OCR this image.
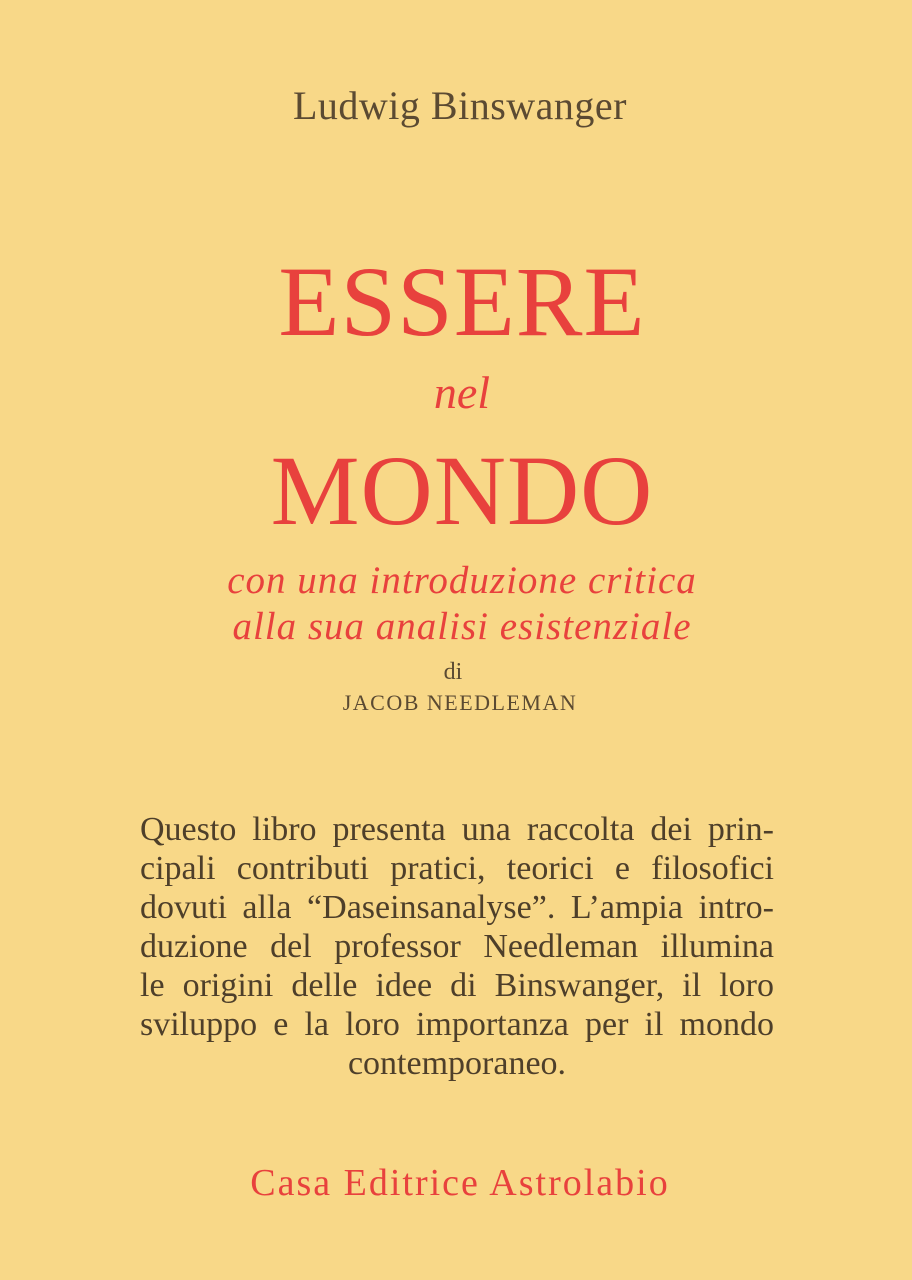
Ludwig Binswanger

ESSERE

nel

MONDO

con una introduzione critica

alla sua analisi esistenziale

di

JACOB NEEDLEMAN

Questo libro presenta una raccolta dei prin-
cipali contributi pratici, teorici e filosofici
dovuti alla “Daseinsanalyse”. L’ampia intro-
duzione del professor Needleman illumina
le origini delle idee di Binswanger, il loro
sviluppo e la loro importanza per il mondo
contemporaneo.

Casa Editrice Astrolabio
